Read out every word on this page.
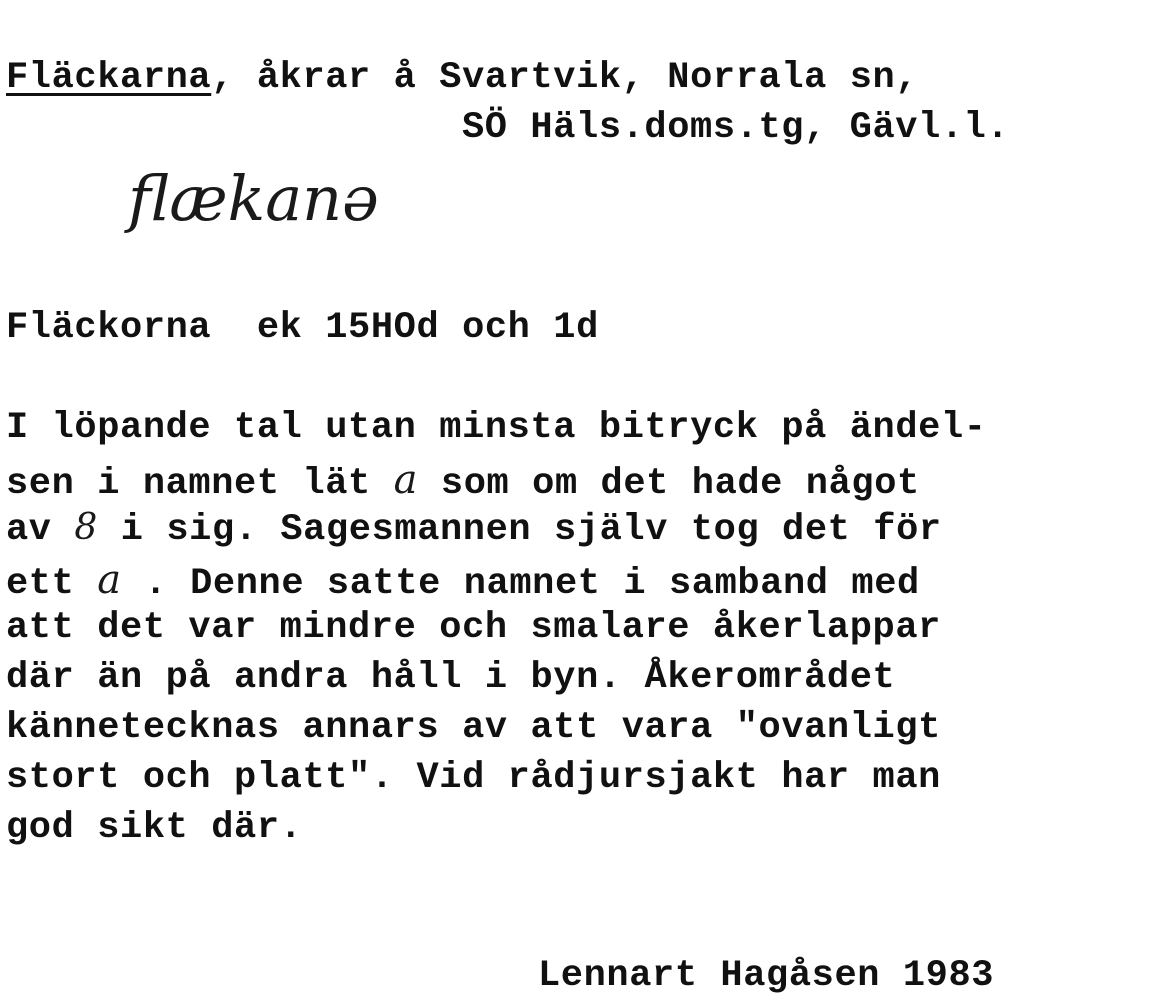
Fläckarna, åkrar å Svartvik, Norrala sn,
SÖ Häls.doms.tg, Gävl.l.
flækanə
Fläckorna  ek 15HOd och 1d
I löpande tal utan minsta bitryck på ändel-
sen i namnet lät a som om det hade något
av 8 i sig. Sagesmannen själv tog det för
ett a . Denne satte namnet i samband med
att det var mindre och smalare åkerlappar
där än på andra håll i byn. Åkerområdet
kännetecknas annars av att vara "ovanligt
stort och platt". Vid rådjursjakt har man
god sikt där.
Lennart Hagåsen 1983
